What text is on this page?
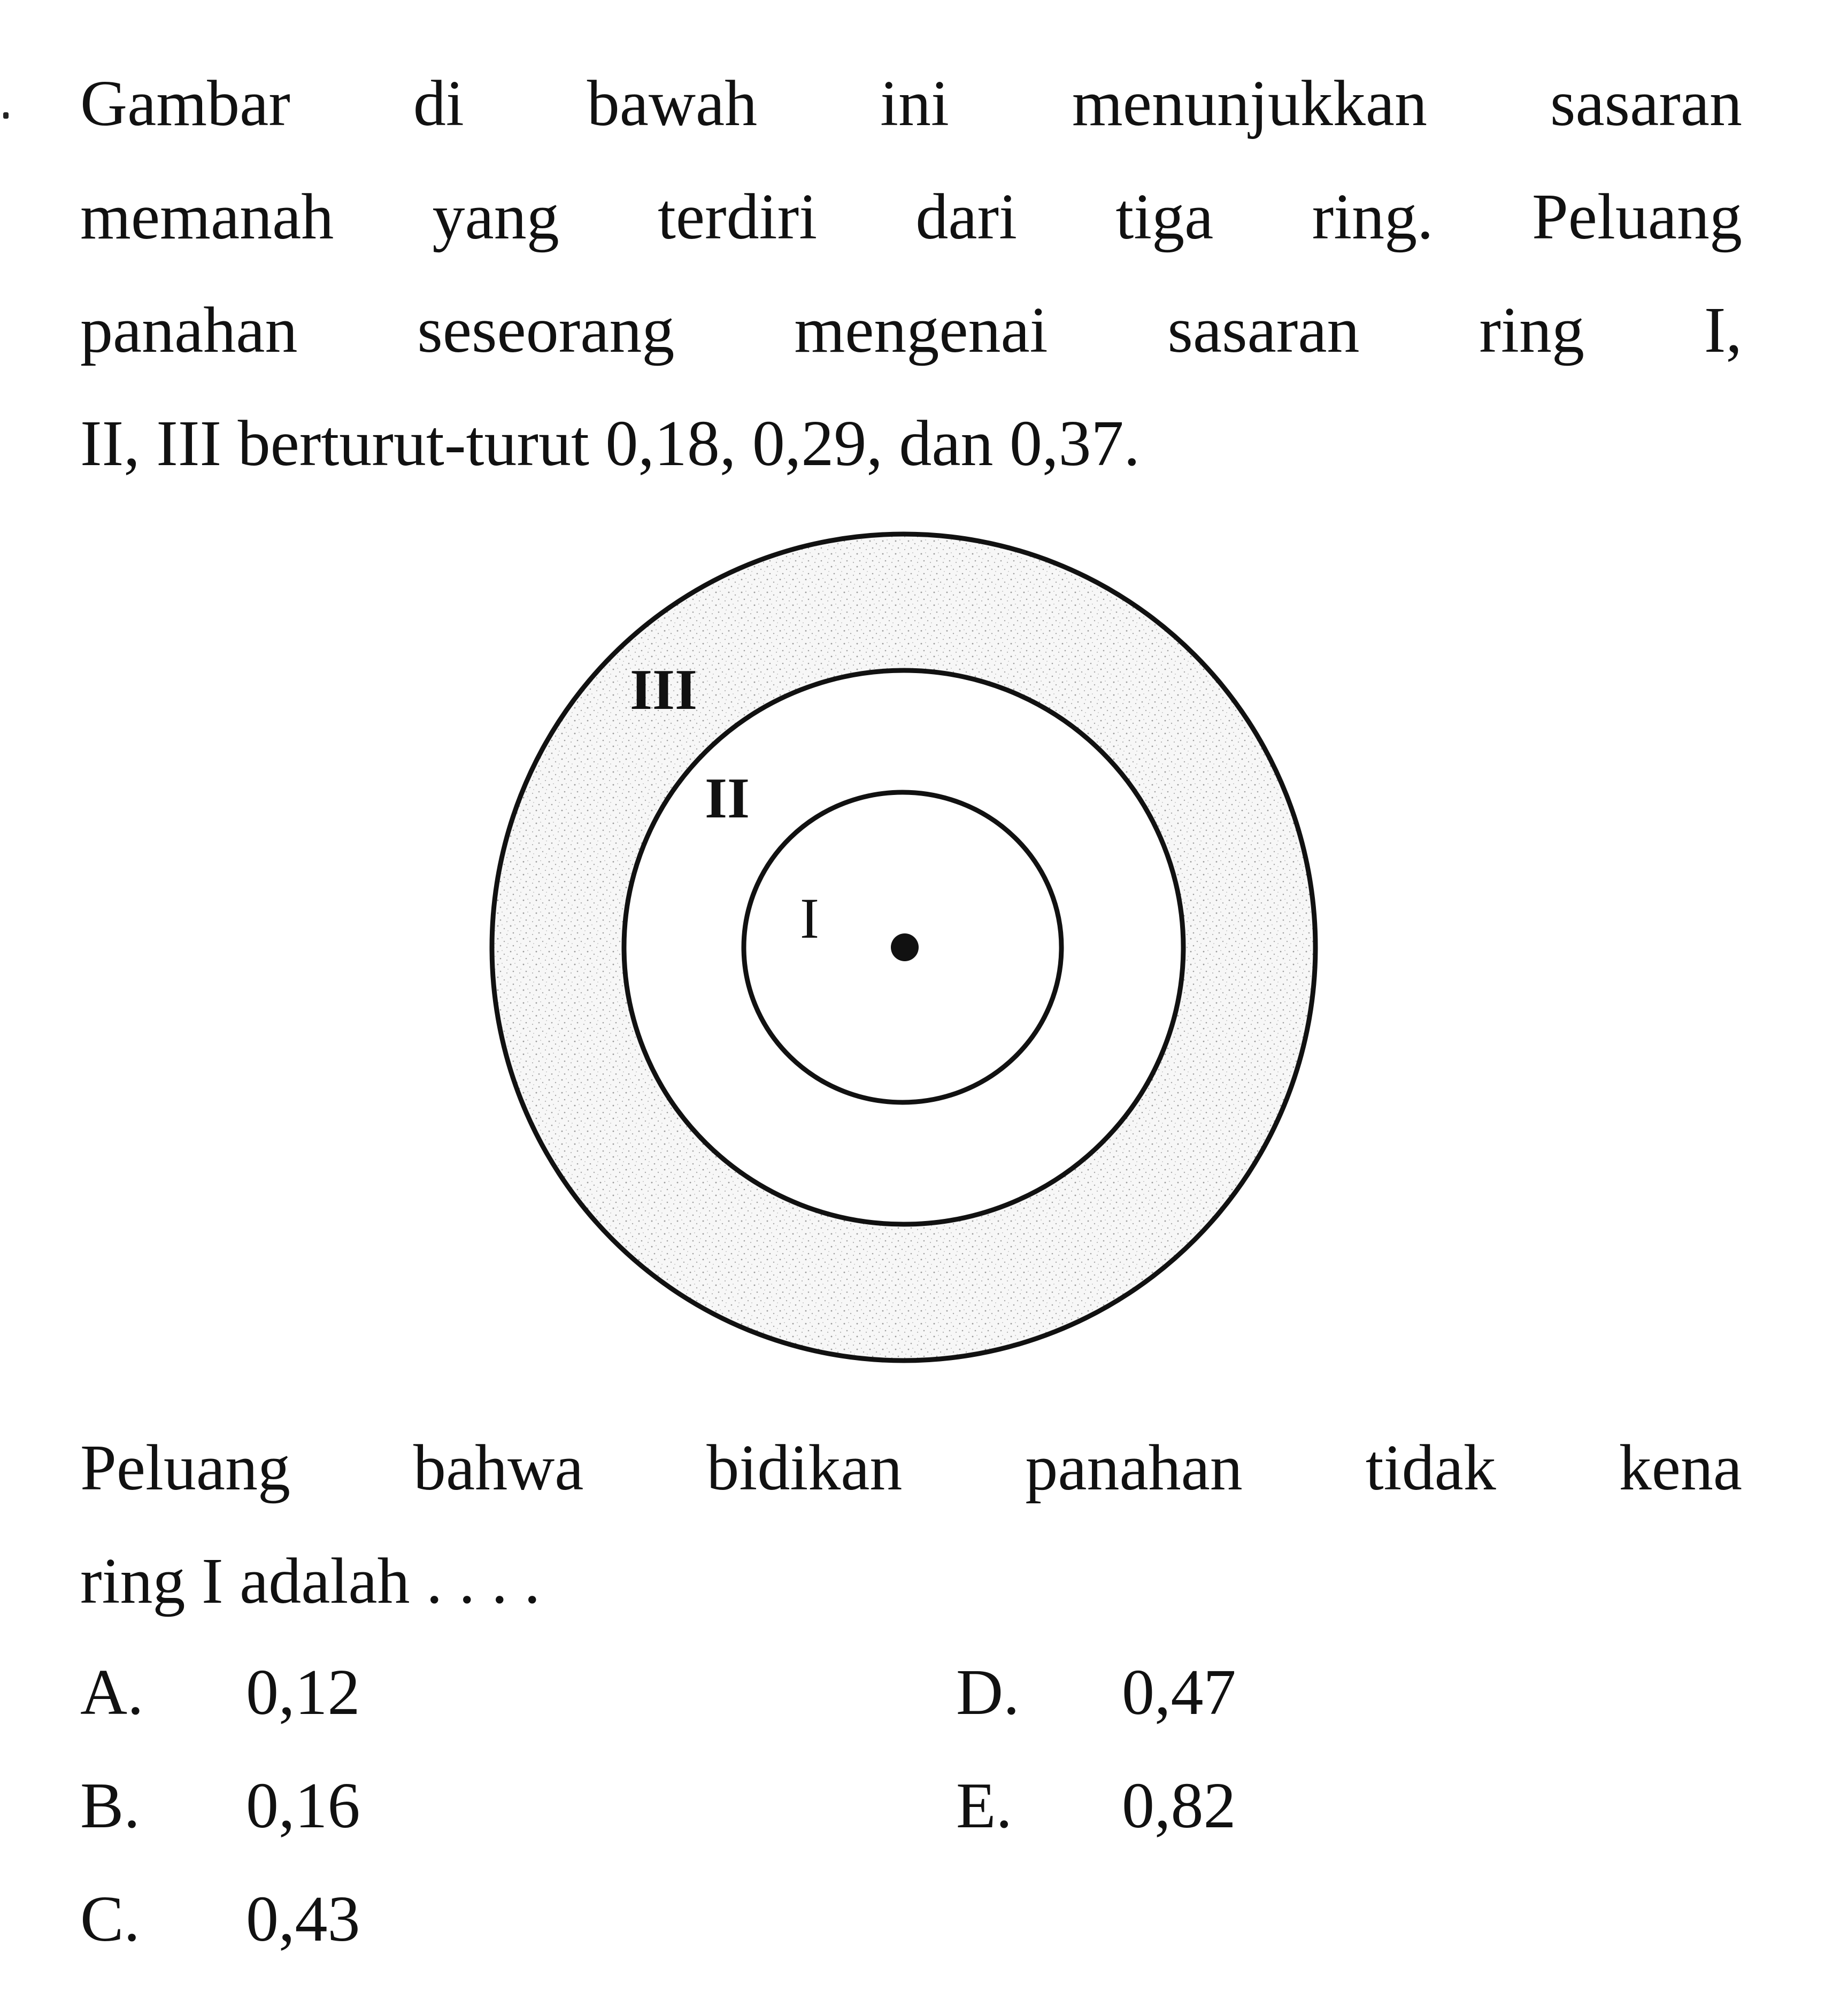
Gambar di bawah ini menunjukkan sasaran
memanah yang terdiri dari tiga ring. Peluang
panahan seseorang mengenai sasaran ring I,
II, III berturut-turut 0,18, 0,29, dan 0,37.

III
II
I

Peluang bahwa bidikan panahan tidak kena
ring I adalah . . . .

A. 0,12
B. 0,16
C. 0,43
D. 0,47
E. 0,82
